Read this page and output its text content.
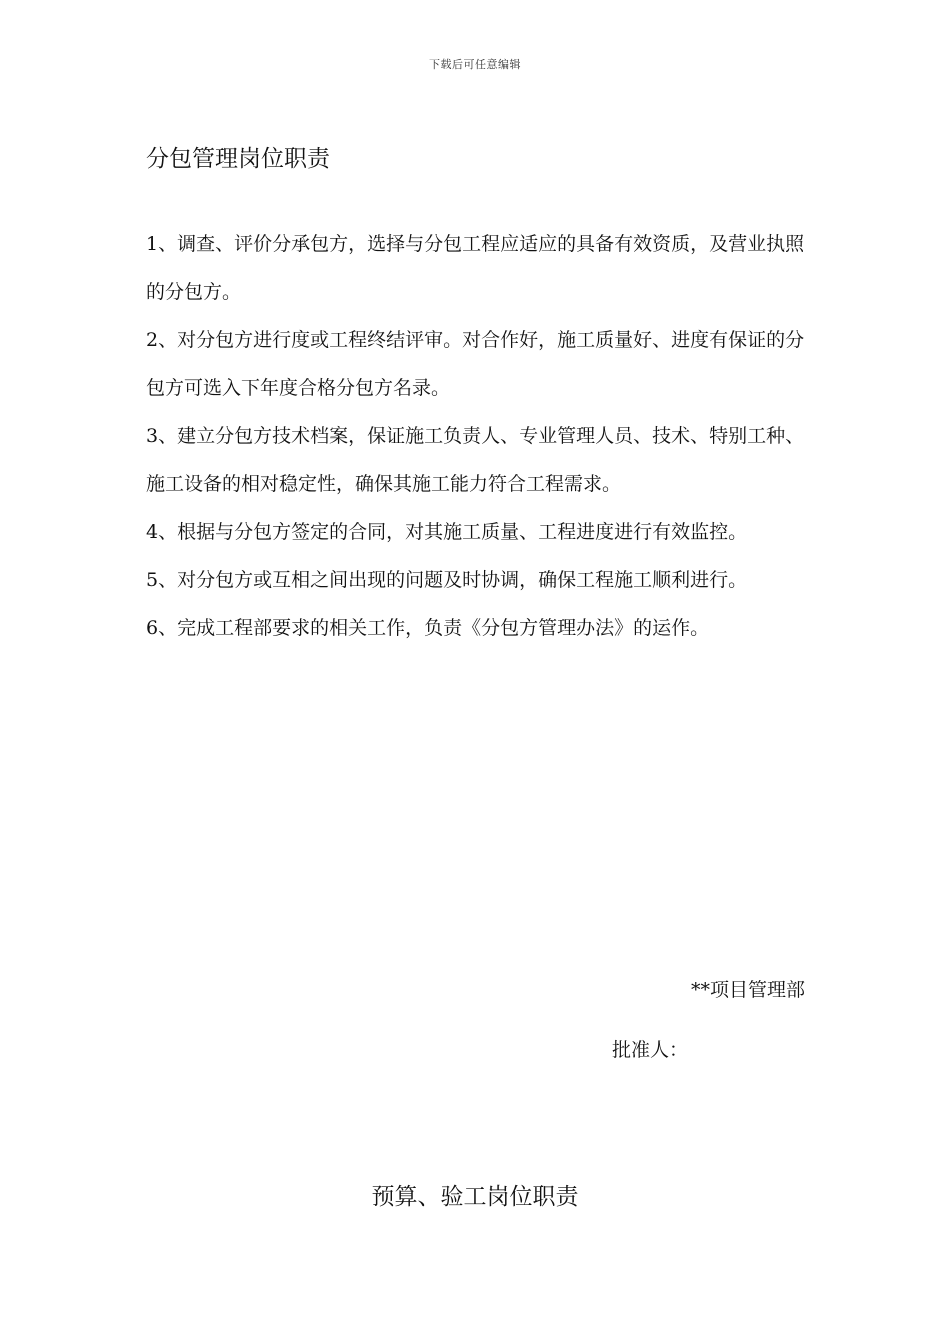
下载后可任意编辑
分包管理岗位职责

1、调查、评价分承包方，选择与分包工程应适应的具备有效资质，及营业执照的分包方。

2、对分包方进行度或工程终结评审。对合作好，施工质量好、进度有保证的分包方可选入下年度合格分包方名录。

3、建立分包方技术档案，保证施工负责人、专业管理人员、技术、特别工种、施工设备的相对稳定性，确保其施工能力符合工程需求。

4、根据与分包方签定的合同，对其施工质量、工程进度进行有效监控。

5、对分包方或互相之间出现的问题及时协调，确保工程施工顺利进行。

6、完成工程部要求的相关工作，负责《分包方管理办法》的运作。

**项目管理部
批准人：
预算、验工岗位职责
